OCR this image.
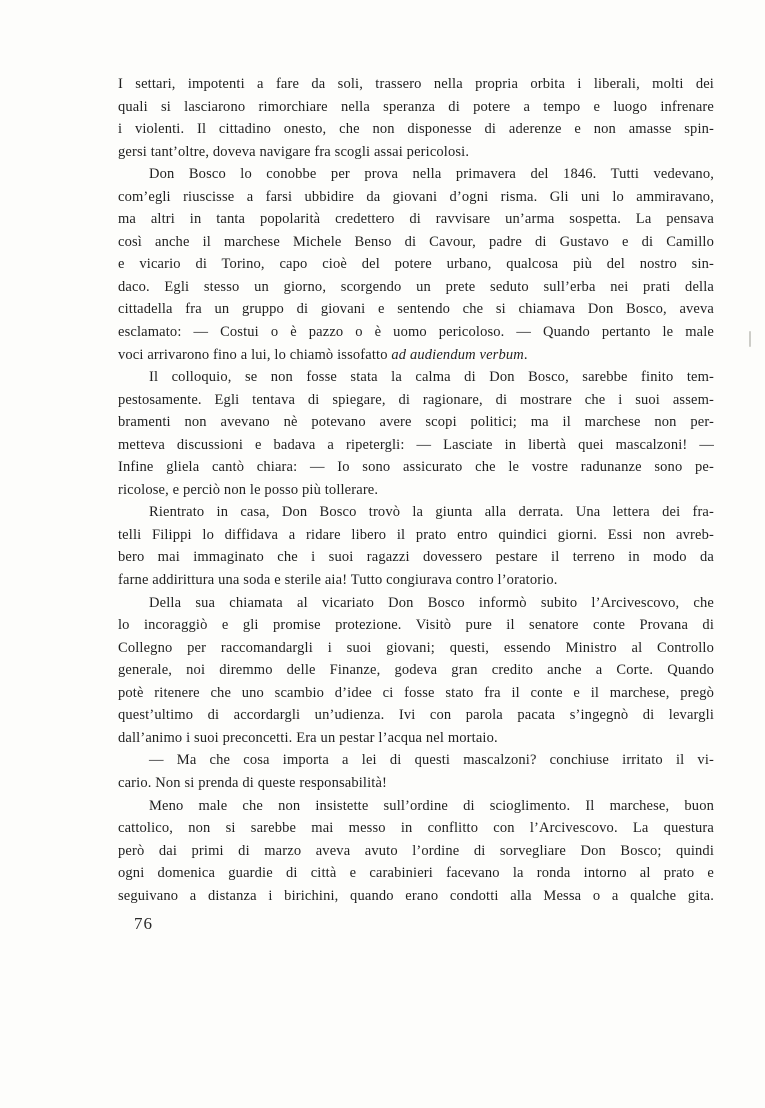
I settari, impotenti a fare da soli, trassero nella propria orbita i liberali, molti dei
quali si lasciarono rimorchiare nella speranza di potere a tempo e luogo infrenare
i violenti. Il cittadino onesto, che non disponesse di aderenze e non amasse spin-
gersi tant’oltre, doveva navigare fra scogli assai pericolosi.
Don Bosco lo conobbe per prova nella primavera del 1846. Tutti vedevano,
com’egli riuscisse a farsi ubbidire da giovani d’ogni risma. Gli uni lo ammiravano,
ma altri in tanta popolarità credettero di ravvisare un’arma sospetta. La pensava
così anche il marchese Michele Benso di Cavour, padre di Gustavo e di Camillo
e vicario di Torino, capo cioè del potere urbano, qualcosa più del nostro sin-
daco. Egli stesso un giorno, scorgendo un prete seduto sull’erba nei prati della
cittadella fra un gruppo di giovani e sentendo che si chiamava Don Bosco, aveva
esclamato: — Costui o è pazzo o è uomo pericoloso. — Quando pertanto le male
voci arrivarono fino a lui, lo chiamò issofatto ad audiendum verbum.
Il colloquio, se non fosse stata la calma di Don Bosco, sarebbe finito tem-
pestosamente. Egli tentava di spiegare, di ragionare, di mostrare che i suoi assem-
bramenti non avevano nè potevano avere scopi politici; ma il marchese non per-
metteva discussioni e badava a ripetergli: — Lasciate in libertà quei mascalzoni! —
Infine gliela cantò chiara: — Io sono assicurato che le vostre radunanze sono pe-
ricolose, e perciò non le posso più tollerare.
Rientrato in casa, Don Bosco trovò la giunta alla derrata. Una lettera dei fra-
telli Filippi lo diffidava a ridare libero il prato entro quindici giorni. Essi non avreb-
bero mai immaginato che i suoi ragazzi dovessero pestare il terreno in modo da
farne addirittura una soda e sterile aia! Tutto congiurava contro l’oratorio.
Della sua chiamata al vicariato Don Bosco informò subito l’Arcivescovo, che
lo incoraggiò e gli promise protezione. Visitò pure il senatore conte Provana di
Collegno per raccomandargli i suoi giovani; questi, essendo Ministro al Controllo
generale, noi diremmo delle Finanze, godeva gran credito anche a Corte. Quando
potè ritenere che uno scambio d’idee ci fosse stato fra il conte e il marchese, pregò
quest’ultimo di accordargli un’udienza. Ivi con parola pacata s’ingegnò di levargli
dall’animo i suoi preconcetti. Era un pestar l’acqua nel mortaio.
— Ma che cosa importa a lei di questi mascalzoni? conchiuse irritato il vi-
cario. Non si prenda di queste responsabilità!
Meno male che non insistette sull’ordine di scioglimento. Il marchese, buon
cattolico, non si sarebbe mai messo in conflitto con l’Arcivescovo. La questura
però dai primi di marzo aveva avuto l’ordine di sorvegliare Don Bosco; quindi
ogni domenica guardie di città e carabinieri facevano la ronda intorno al prato e
seguivano a distanza i birichini, quando erano condotti alla Messa o a qualche gita.
76
